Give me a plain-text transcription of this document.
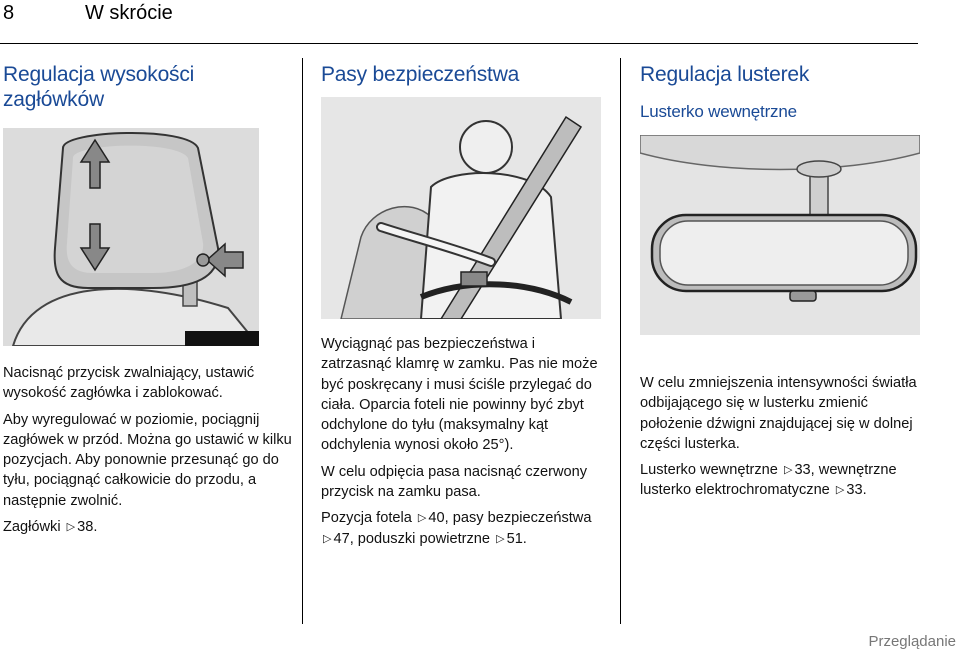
8	W skrócie
Regulacja wysokości
zagłówków

Nacisnąć przycisk zwalniający, ustawić wysokość zagłówka i zablokować.

Aby wyregulować w poziomie, pociągnij zagłówek w przód. Można go ustawić w kilku pozycjach. Aby ponownie przesunąć go do tyłu, pociągnąć całkowicie do przodu, a następnie zwolnić.

Zagłówki ▷ 38.

Pasy bezpieczeństwa

Wyciągnąć pas bezpieczeństwa i zatrzasnąć klamrę w zamku. Pas nie może być poskręcany i musi ściśle przylegać do ciała. Oparcia foteli nie powinny być zbyt odchylone do tyłu (maksymalny kąt odchylenia wynosi około 25°).

W celu odpięcia pasa nacisnąć czerwony przycisk na zamku pasa.

Pozycja fotela ▷ 40, pasy bezpieczeństwa ▷ 47, poduszki powietrzne ▷ 51.

Regulacja lusterek
Lusterko wewnętrzne

W celu zmniejszenia intensywności światła odbijającego się w lusterku zmienić położenie dźwigni znajdującej się w dolnej części lusterka.

Lusterko wewnętrzne ▷ 33, wewnętrzne lusterko elektrochromatyczne ▷ 33.

Przeglądanie
